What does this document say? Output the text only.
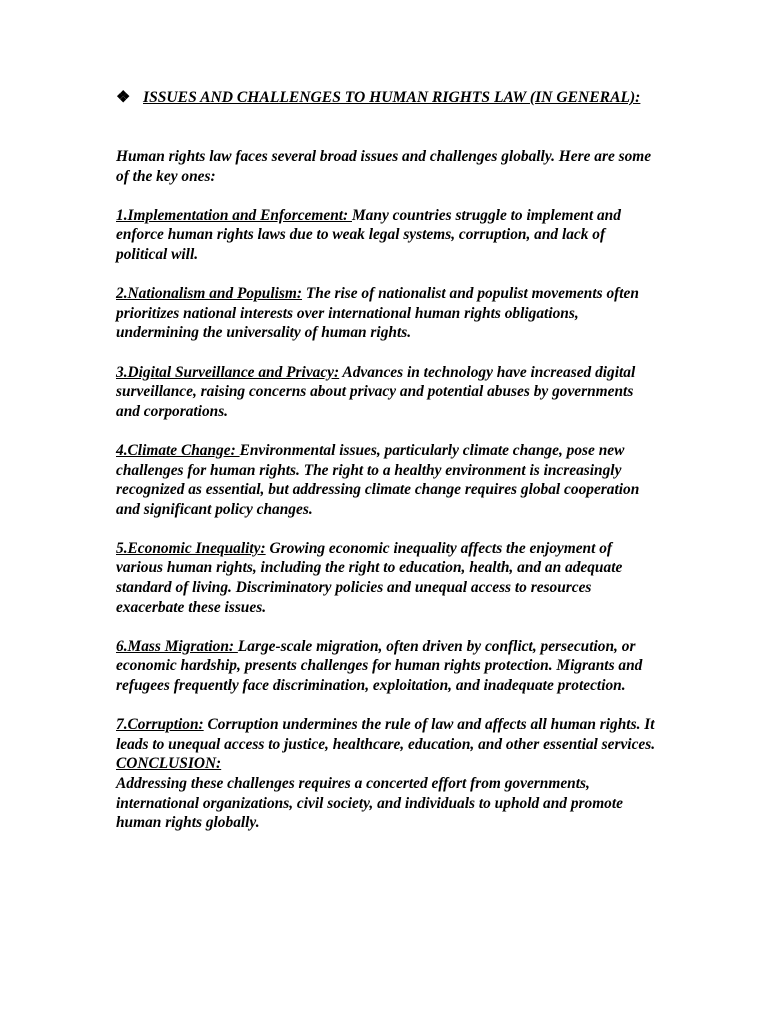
❖ ISSUES AND CHALLENGES TO HUMAN RIGHTS LAW (IN GENERAL):

Human rights law faces several broad issues and challenges globally. Here are some of the key ones:

1.Implementation and Enforcement: Many countries struggle to implement and enforce human rights laws due to weak legal systems, corruption, and lack of political will.

2.Nationalism and Populism: The rise of nationalist and populist movements often prioritizes national interests over international human rights obligations, undermining the universality of human rights.

3.Digital Surveillance and Privacy: Advances in technology have increased digital surveillance, raising concerns about privacy and potential abuses by governments and corporations.

4.Climate Change: Environmental issues, particularly climate change, pose new challenges for human rights. The right to a healthy environment is increasingly recognized as essential, but addressing climate change requires global cooperation and significant policy changes.

5.Economic Inequality: Growing economic inequality affects the enjoyment of various human rights, including the right to education, health, and an adequate standard of living. Discriminatory policies and unequal access to resources exacerbate these issues.

6.Mass Migration: Large-scale migration, often driven by conflict, persecution, or economic hardship, presents challenges for human rights protection. Migrants and refugees frequently face discrimination, exploitation, and inadequate protection.

7.Corruption: Corruption undermines the rule of law and affects all human rights. It leads to unequal access to justice, healthcare, education, and other essential services.

CONCLUSION:
Addressing these challenges requires a concerted effort from governments, international organizations, civil society, and individuals to uphold and promote human rights globally.
